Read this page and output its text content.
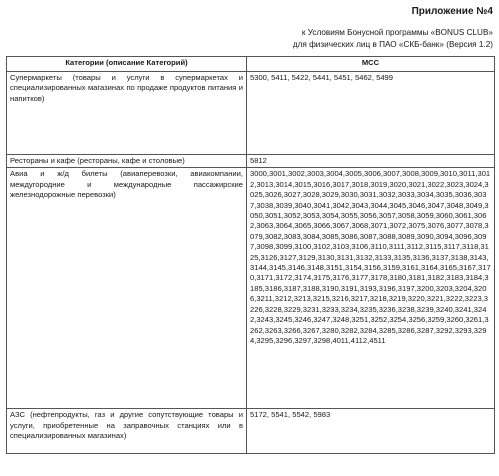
Приложение №4
к Условиям Бонусной программы «BONUS CLUB»
для физических лиц в ПАО «СКБ-банк» (Версия 1.2)
Категории (описание Категорий)	MCC
Супермаркеты (товары и услуги в супермаркетах и специализированных магазинах по продаже продуктов питания и напитков)	5300, 5411, 5422, 5441, 5451, 5462, 5499
Рестораны и кафе (рестораны, кафе и столовые)	5812
Авиа и ж/д билеты (авиаперевозки, авиакомпании, междугородние и международные пассажирские железнодорожные перевозки)	3000,3001,3002,3003,3004,3005,3006,3007,3008,3009,3010,3011,3012,3013,3014,3015,3016,3017,3018,3019,3020,3021,3022,3023,3024,3025,3026,3027,3028,3029,3030,3031,3032,3033,3034,3035,3036,3037,3038,3039,3040,3041,3042,3043,3044,3045,3046,3047,3048,3049,3050,3051,3052,3053,3054,3055,3056,3057,3058,3059,3060,3061,3062,3063,3064,3065,3066,3067,3068,3071,3072,3075,3076,3077,3078,3079,3082,3083,3084,3085,3086,3087,3088,3089,3090,3094,3096,3097,3098,3099,3100,3102,3103,3106,3110,3111,3112,3115,3117,3118,3125,3126,3127,3129,3130,3131,3132,3133,3135,3136,3137,3138,3143,3144,3145,3146,3148,3151,3154,3156,3159,3161,3164,3165,3167,3170,3171,3172,3174,3175,3176,3177,3178,3180,3181,3182,3183,3184,3185,3186,3187,3188,3190,3191,3193,3196,3197,3200,3203,3204,3206,3211,3212,3213,3215,3216,3217,3218,3219,3220,3221,3222,3223,3226,3228,3229,3231,3233,3234,3235,3236,3238,3239,3240,3241,3242,3243,3245,3246,3247,3248,3251,3252,3254,3256,3259,3260,3261,3262,3263,3266,3267,3280,3282,3284,3285,3286,3287,3292,3293,3294,3295,3296,3297,3298,4011,4112,4511
АЗС (нефтепродукты, газ и другие сопутствующие товары и услуги, приобретенные на заправочных станциях или в специализированных магазинах)	5172, 5541, 5542, 5983
